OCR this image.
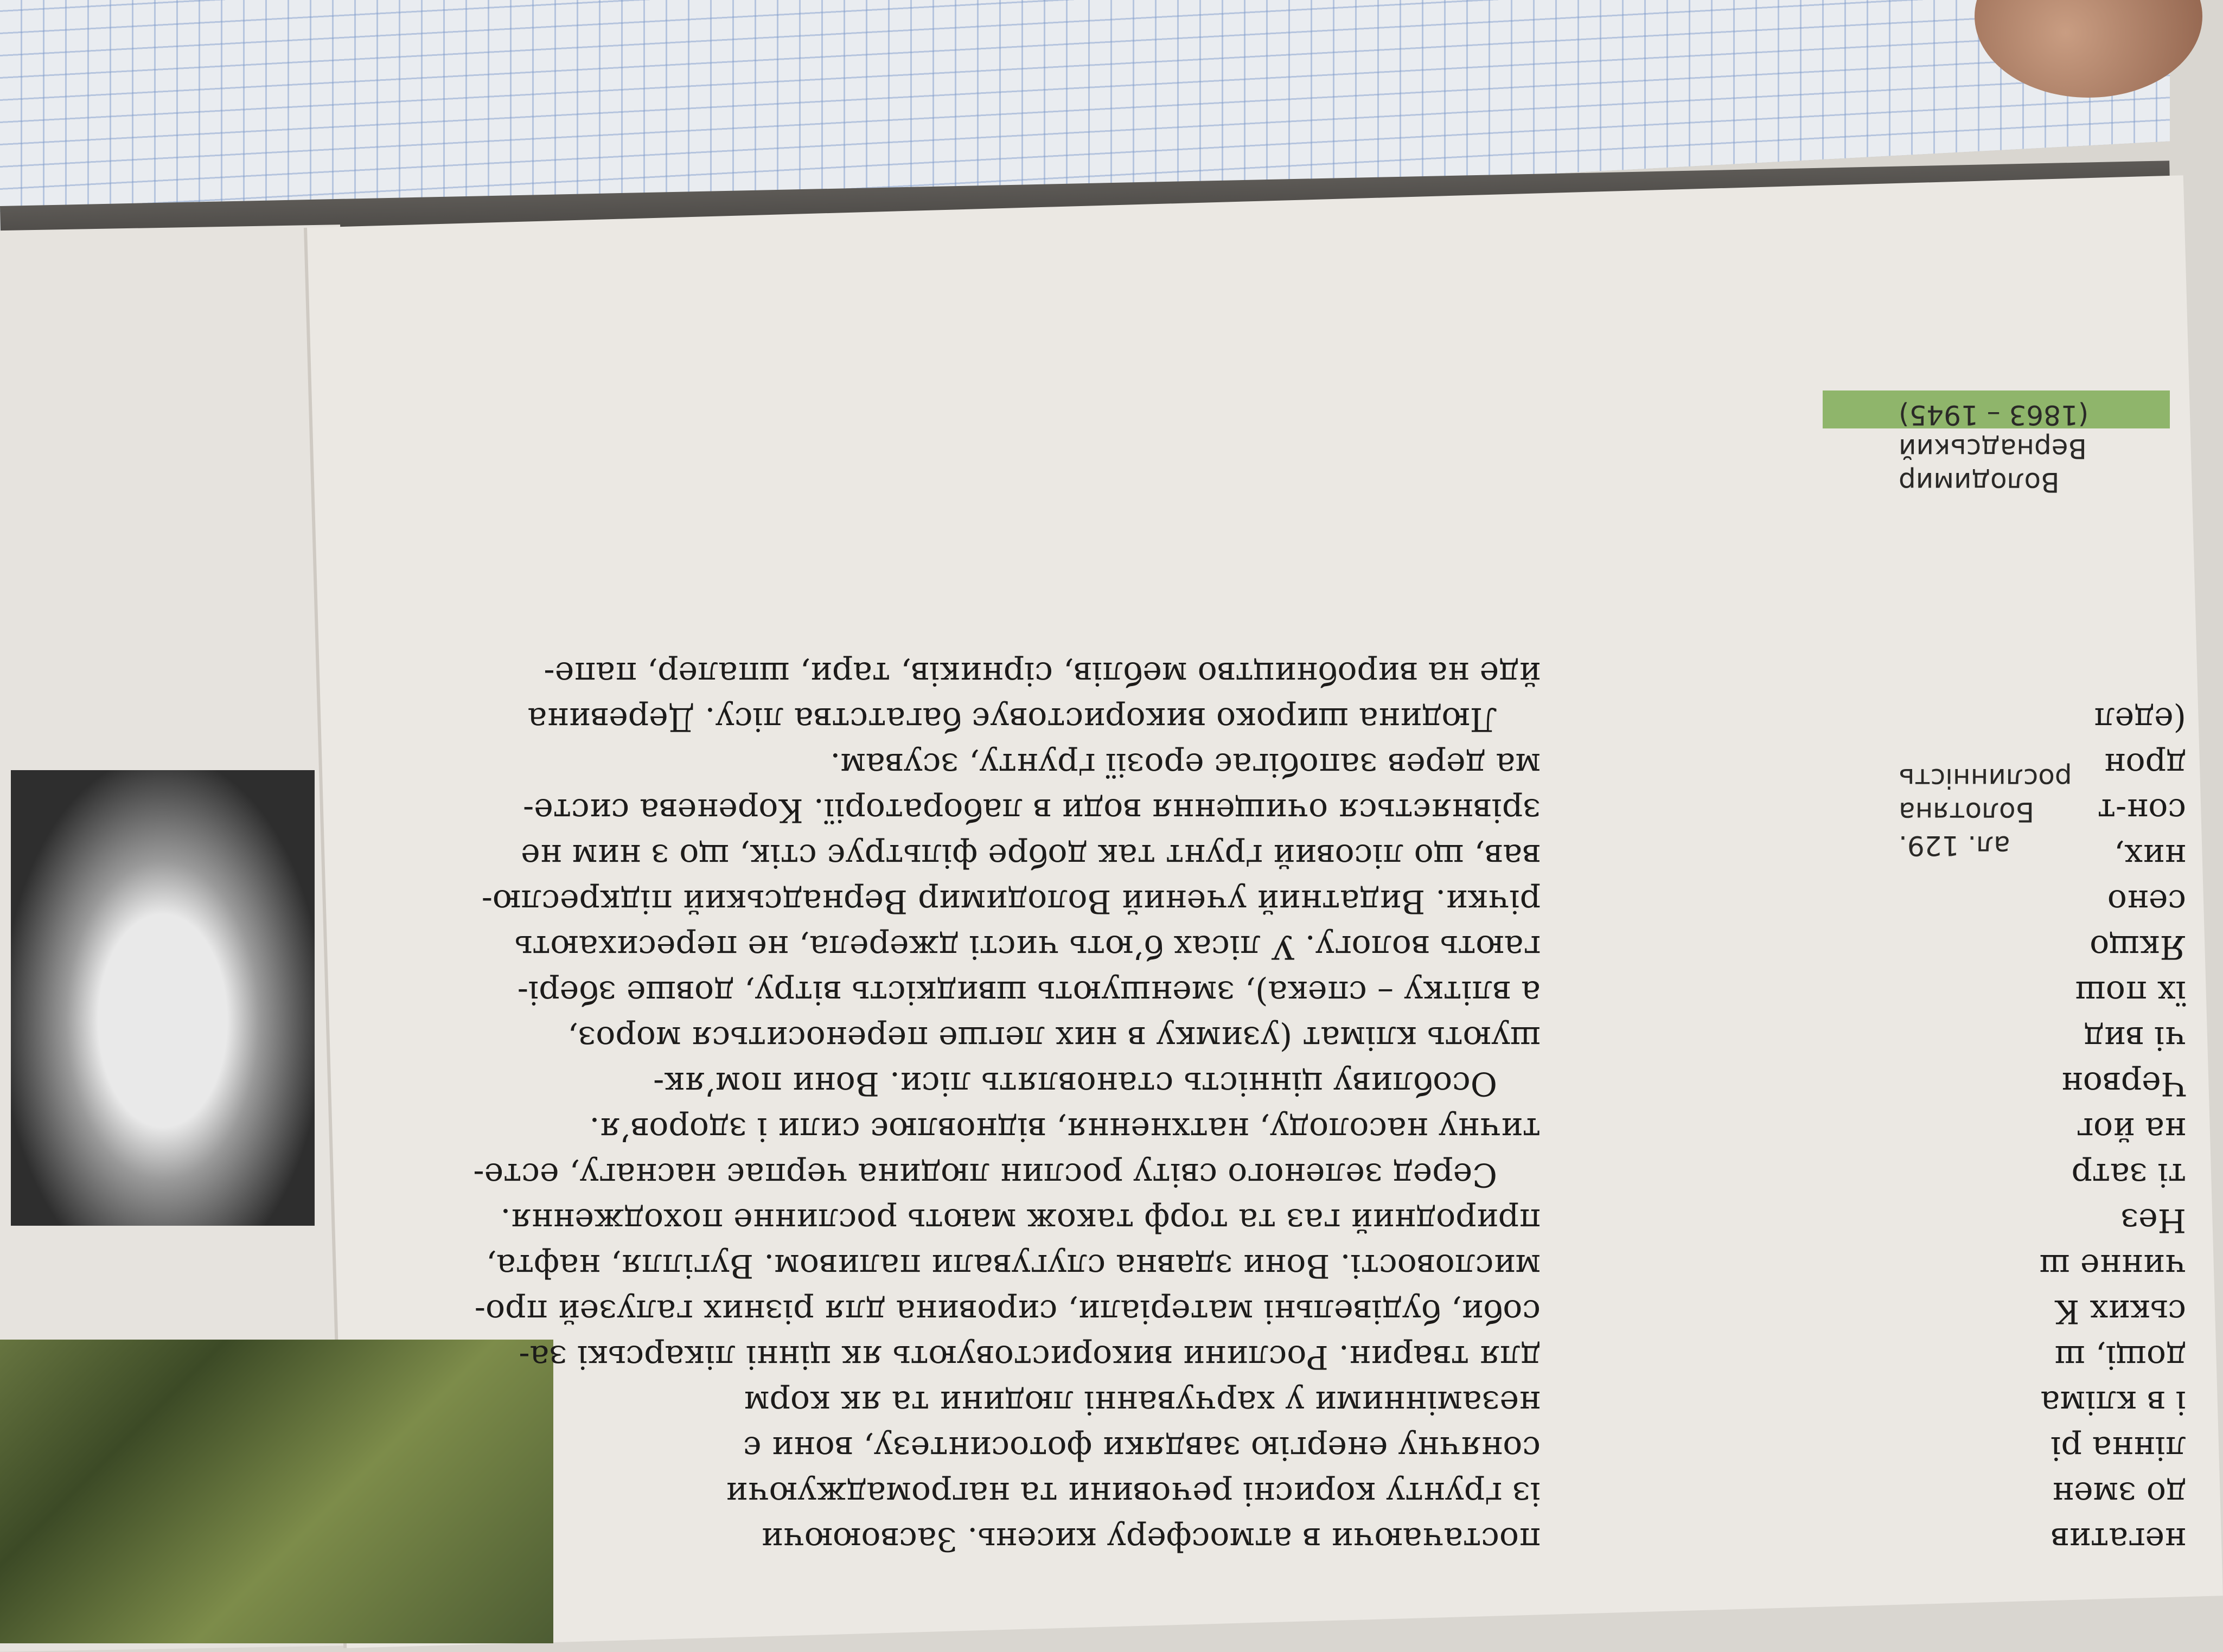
постачаючи в атмосферу кисень. Засвоюючи
із ґрунту корисні речовини та нагромаджуючи
сонячну енергію завдяки фотосинтезу, вони є
незамінними у харчуванні людини та як корм
для тварин. Рослини використовують як цінні лікарські за-
соби, будівельні матеріали, сировина для різних галузей про-
мисловості. Вони здавна слугували паливом. Вугілля, нафта,
природний газ та торф також мають рослинне походження.
Серед зеленого світу рослин людина черпає наснагу, есте-
тичну насолоду, натхнення, відновлює сили і здоров’я.
Особливу цінність становлять ліси. Вони пом’як-
шують клімат (узимку в них легше переноситься мороз,
а влітку – спека), зменшують швидкість вітру, довше збері-
гають вологу. У лісах б’ють чисті джерела, не пересихають
річки. Видатний учений Володимир Вернадський підкреслю-
вав, що лісовий ґрунт так добре фільтрує стік, що з ним не
зрівняється очищення води в лабораторії. Коренева систе-
ма дерев запобігає ерозії ґрунту, зсувам.
Людина широко використовує багатства лісу. Деревина
йде на виробництво меблів, сірників, тари, шпалер, папе-
ал. 129. Болотяна рослинність
Володимир Вернадський (1863 – 1945)
негатив
до змен
лінна рі
і в кліма
дощі, ш
ських К
чинне ш
Нез
ті затр
на йог
Червон
чі вид
їх пош
Якщо
сено
них,
сон-т
дрон
(едел
